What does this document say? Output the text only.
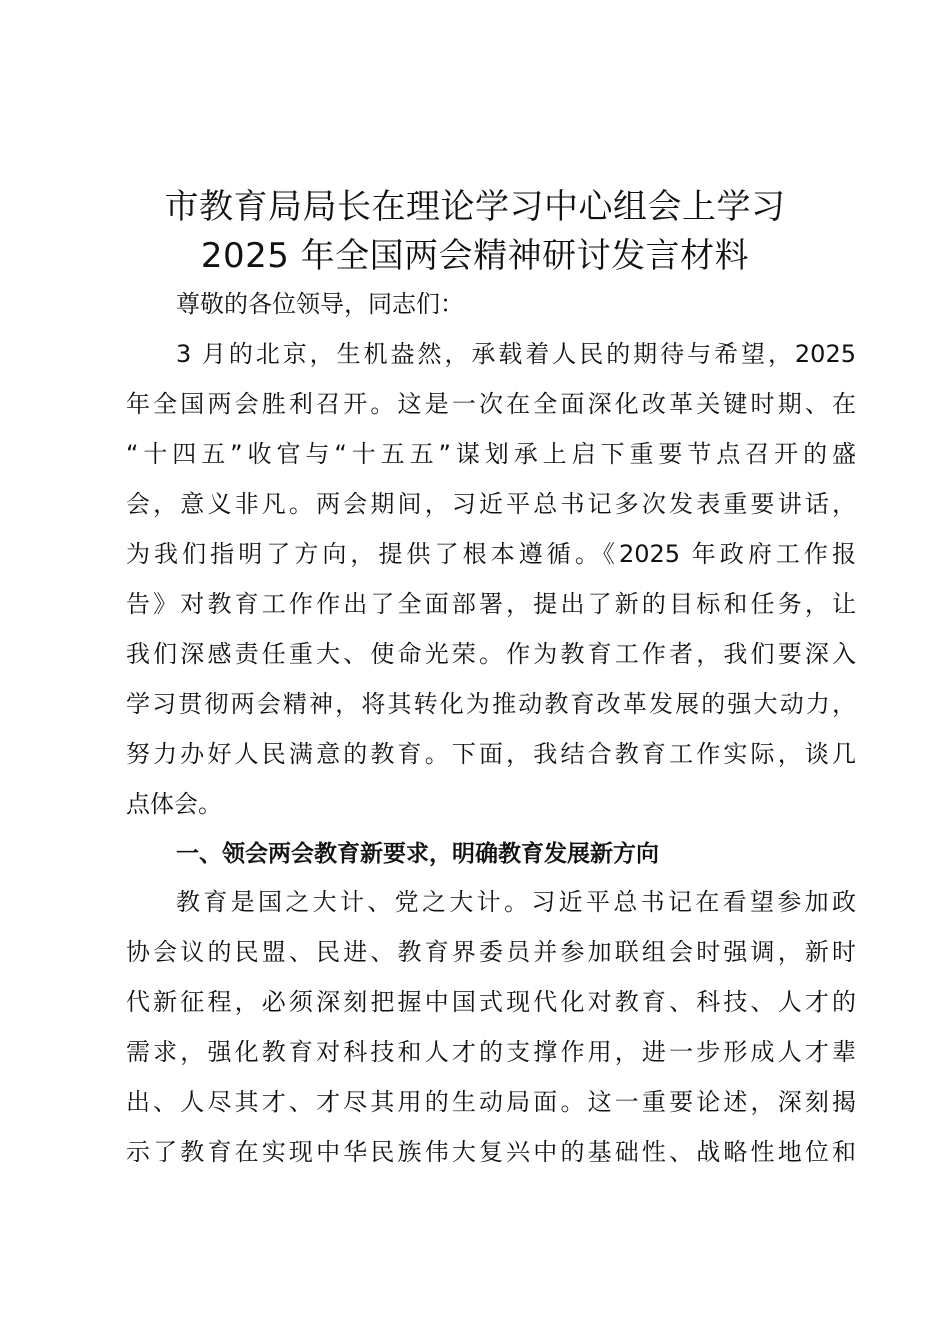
市教育局局长在理论学习中心组会上学习
2025 年全国两会精神研讨发言材料

尊敬的各位领导，同志们：

3 月的北京，生机盎然，承载着人民的期待与希望，2025

年全国两会胜利召开。这是一次在全面深化改革关键时期、在

“十四五”收官与“十五五”谋划承上启下重要节点召开的盛

会，意义非凡。两会期间，习近平总书记多次发表重要讲话，

为我们指明了方向，提供了根本遵循。《2025 年政府工作报

告》对教育工作作出了全面部署，提出了新的目标和任务，让

我们深感责任重大、使命光荣。作为教育工作者，我们要深入

学习贯彻两会精神，将其转化为推动教育改革发展的强大动力，

努力办好人民满意的教育。下面，我结合教育工作实际，谈几

点体会。

一、领会两会教育新要求，明确教育发展新方向

教育是国之大计、党之大计。习近平总书记在看望参加政

协会议的民盟、民进、教育界委员并参加联组会时强调，新时

代新征程，必须深刻把握中国式现代化对教育、科技、人才的

需求，强化教育对科技和人才的支撑作用，进一步形成人才辈

出、人尽其才、才尽其用的生动局面。这一重要论述，深刻揭

示了教育在实现中华民族伟大复兴中的基础性、战略性地位和
